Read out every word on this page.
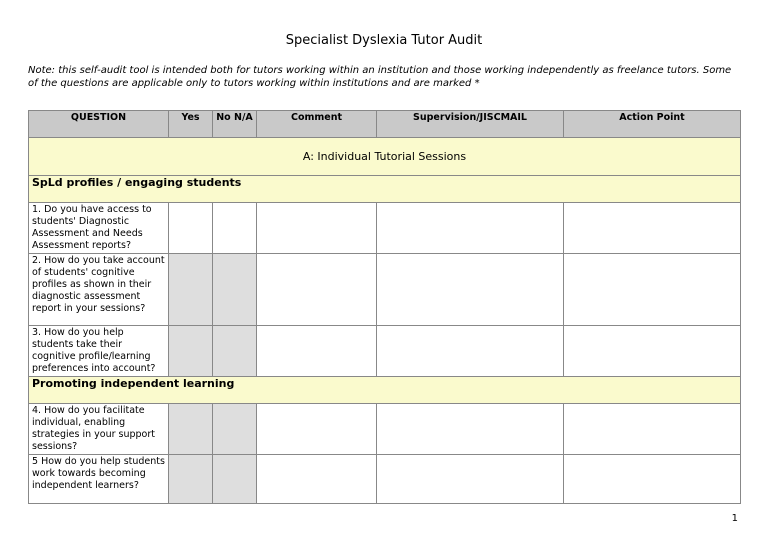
Specialist Dyslexia Tutor Audit
Note: this self-audit tool is intended both for tutors working within an institution and those working independently as freelance tutors. Some of the questions are applicable only to tutors working within institutions and are marked *
QUESTION	Yes	No N/A	Comment	Supervision/JISCMAIL	Action Point
A: Individual Tutorial Sessions					
SpLd profiles / engaging students					
1. Do you have access to students' Diagnostic Assessment and Needs Assessment reports?					
2. How do you take account of students' cognitive profiles as shown in their diagnostic assessment report in your sessions?					
3. How do you help students take their cognitive profile/learning preferences into account?					
Promoting independent learning					
4. How do you facilitate individual, enabling strategies in your support sessions?					
5 How do you help students work towards becoming independent learners?					
1
